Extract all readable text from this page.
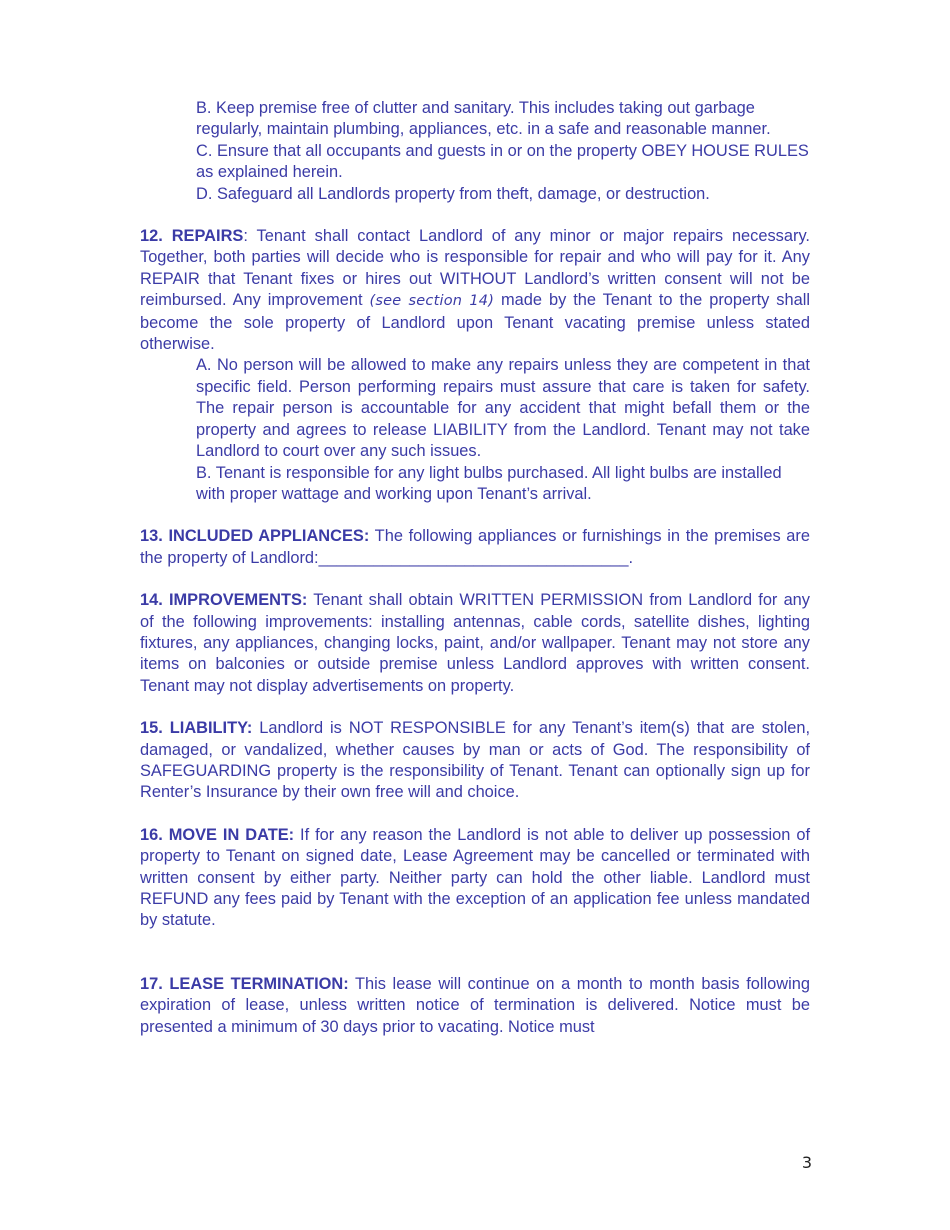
B. Keep premise free of clutter and sanitary. This includes taking out garbage regularly, maintain plumbing, appliances, etc. in a safe and reasonable manner.
C. Ensure that all occupants and guests in or on the property OBEY HOUSE RULES as explained herein.
D. Safeguard all Landlords property from theft, damage, or destruction.

12. REPAIRS: Tenant shall contact Landlord of any minor or major repairs necessary. Together, both parties will decide who is responsible for repair and who will pay for it. Any REPAIR that Tenant fixes or hires out WITHOUT Landlord’s written consent will not be reimbursed. Any improvement (see section 14) made by the Tenant to the property shall become the sole property of Landlord upon Tenant vacating premise unless stated otherwise.

A. No person will be allowed to make any repairs unless they are competent in that specific field. Person performing repairs must assure that care is taken for safety. The repair person is accountable for any accident that might befall them or the property and agrees to release LIABILITY from the Landlord. Tenant may not take Landlord to court over any such issues.
B. Tenant is responsible for any light bulbs purchased. All light bulbs are installed with proper wattage and working upon Tenant’s arrival.

13. INCLUDED APPLIANCES: The following appliances or furnishings in the premises are the property of Landlord:__________________________________.

14. IMPROVEMENTS: Tenant shall obtain WRITTEN PERMISSION from Landlord for any of the following improvements: installing antennas, cable cords, satellite dishes, lighting fixtures, any appliances, changing locks, paint, and/or wallpaper. Tenant may not store any items on balconies or outside premise unless Landlord approves with written consent. Tenant may not display advertisements on property.

15. LIABILITY: Landlord is NOT RESPONSIBLE for any Tenant’s item(s) that are stolen, damaged, or vandalized, whether causes by man or acts of God. The responsibility of SAFEGUARDING property is the responsibility of Tenant. Tenant can optionally sign up for Renter’s Insurance by their own free will and choice.

16. MOVE IN DATE: If for any reason the Landlord is not able to deliver up possession of property to Tenant on signed date, Lease Agreement may be cancelled or terminated with written consent by either party. Neither party can hold the other liable. Landlord must REFUND any fees paid by Tenant with the exception of an application fee unless mandated by statute.

17. LEASE TERMINATION: This lease will continue on a month to month basis following expiration of lease, unless written notice of termination is delivered. Notice must be presented a minimum of 30 days prior to vacating. Notice must

3
